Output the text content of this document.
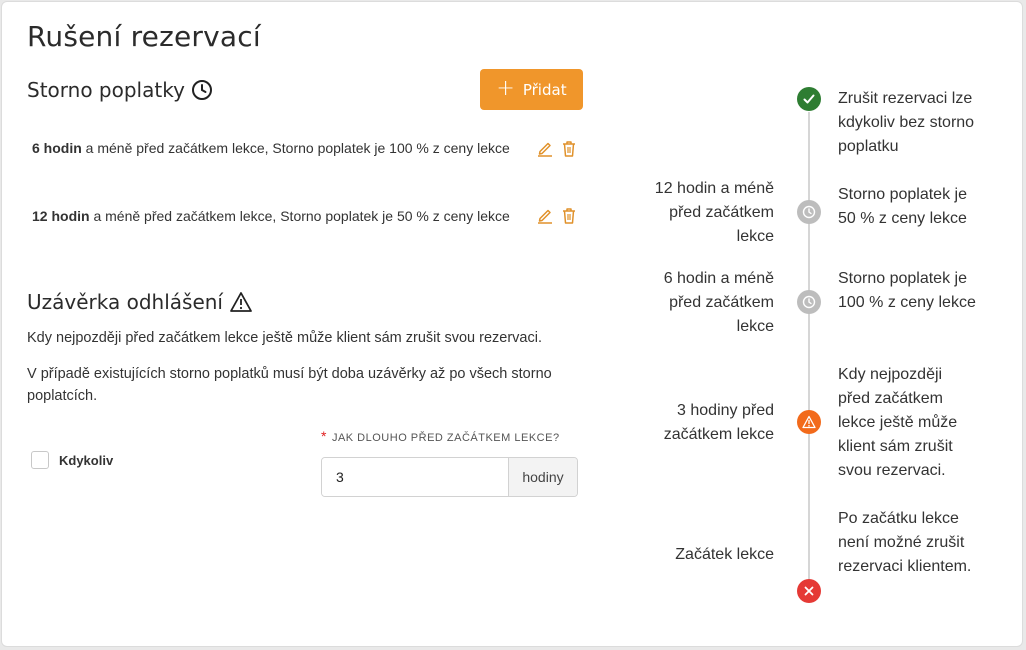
Rušení rezervací
Storno poplatky	+ Přidat
6 hodin a méně před začátkem lekce, Storno poplatek je 100 % z ceny lekce
12 hodin a méně před začátkem lekce, Storno poplatek je 50 % z ceny lekce
Uzávěrka odhlášení
Kdy nejpozději před začátkem lekce ještě může klient sám zrušit svou rezervaci.
V případě existujících storno poplatků musí být doba uzávěrky až po všech storno poplatcích.
Kdykoliv
* JAK DLOUHO PŘED ZAČÁTKEM LEKCE?
3
hodiny
Zrušit rezervaci lze kdykoliv bez storno poplatku
12 hodin a méně před začátkem lekce
Storno poplatek je 50 % z ceny lekce
6 hodin a méně před začátkem lekce
Storno poplatek je 100 % z ceny lekce
3 hodiny před začátkem lekce
Kdy nejpozději před začátkem lekce ještě může klient sám zrušit svou rezervaci.
Začátek lekce
Po začátku lekce není možné zrušit rezervaci klientem.
